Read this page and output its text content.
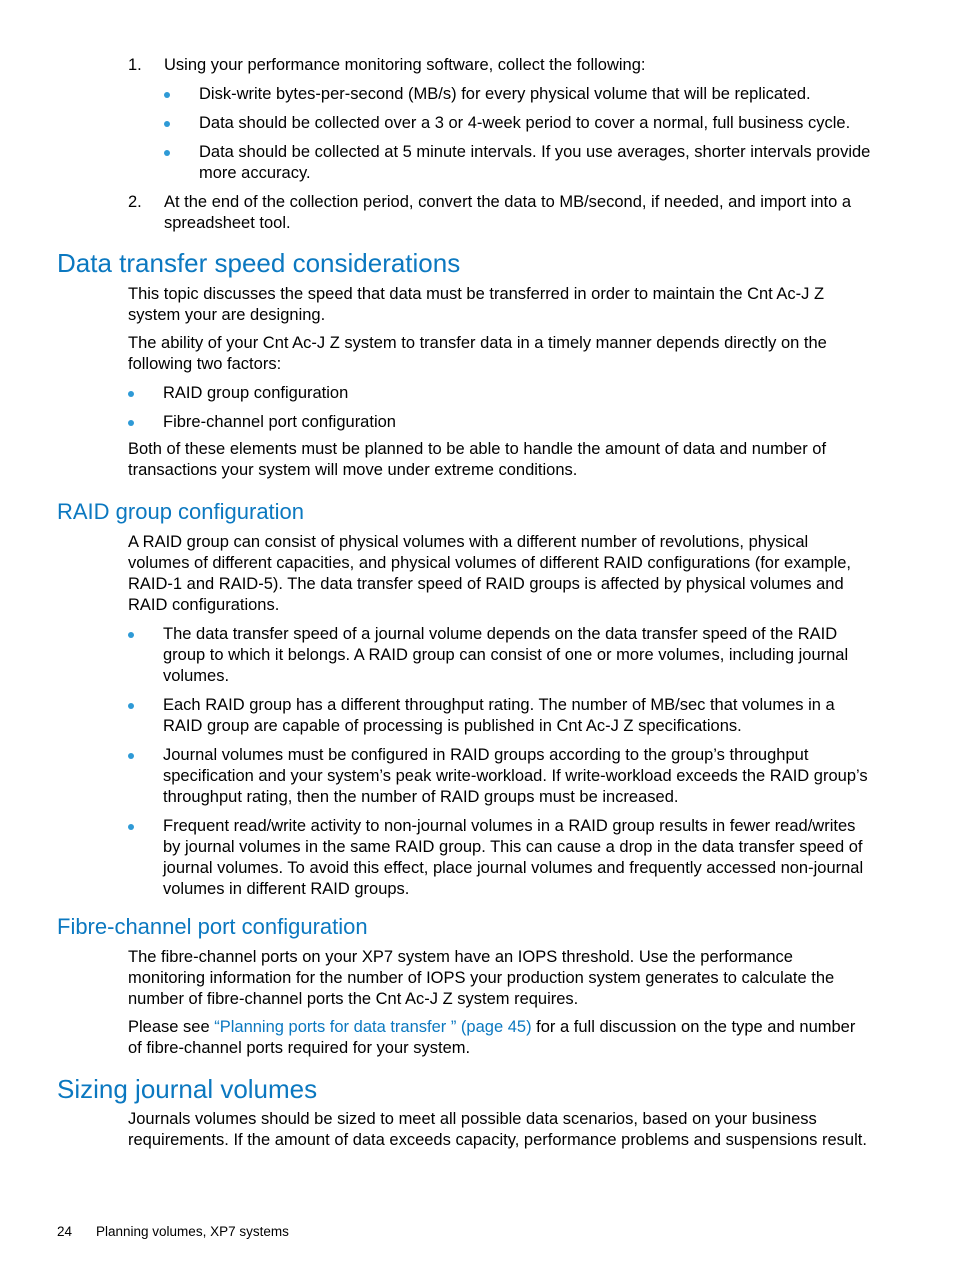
1. Using your performance monitoring software, collect the following:

Disk-write bytes-per-second (MB/s) for every physical volume that will be replicated.
Data should be collected over a 3 or 4-week period to cover a normal, full business cycle.
Data should be collected at 5 minute intervals. If you use averages, shorter intervals provide more accuracy.
2. At the end of the collection period, convert the data to MB/second, if needed, and import into a spreadsheet tool.

Data transfer speed considerations

This topic discusses the speed that data must be transferred in order to maintain the Cnt Ac-J Z system your are designing.

The ability of your Cnt Ac-J Z system to transfer data in a timely manner depends directly on the following two factors:

RAID group configuration
Fibre-channel port configuration

Both of these elements must be planned to be able to handle the amount of data and number of transactions your system will move under extreme conditions.

RAID group configuration

A RAID group can consist of physical volumes with a different number of revolutions, physical volumes of different capacities, and physical volumes of different RAID configurations (for example, RAID-1 and RAID-5). The data transfer speed of RAID groups is affected by physical volumes and RAID configurations.

The data transfer speed of a journal volume depends on the data transfer speed of the RAID group to which it belongs. A RAID group can consist of one or more volumes, including journal volumes.
Each RAID group has a different throughput rating. The number of MB/sec that volumes in a RAID group are capable of processing is published in Cnt Ac-J Z specifications.
Journal volumes must be configured in RAID groups according to the group’s throughput specification and your system’s peak write-workload. If write-workload exceeds the RAID group’s throughput rating, then the number of RAID groups must be increased.
Frequent read/write activity to non-journal volumes in a RAID group results in fewer read/writes by journal volumes in the same RAID group. This can cause a drop in the data transfer speed of journal volumes. To avoid this effect, place journal volumes and frequently accessed non-journal volumes in different RAID groups.
Fibre-channel port configuration

The fibre-channel ports on your XP7 system have an IOPS threshold. Use the performance monitoring information for the number of IOPS your production system generates to calculate the number of fibre-channel ports the Cnt Ac-J Z system requires.

Please see “Planning ports for data transfer ” (page 45) for a full discussion on the type and number of fibre-channel ports required for your system.

Sizing journal volumes

Journals volumes should be sized to meet all possible data scenarios, based on your business requirements. If the amount of data exceeds capacity, performance problems and suspensions result.

24 Planning volumes, XP7 systems
